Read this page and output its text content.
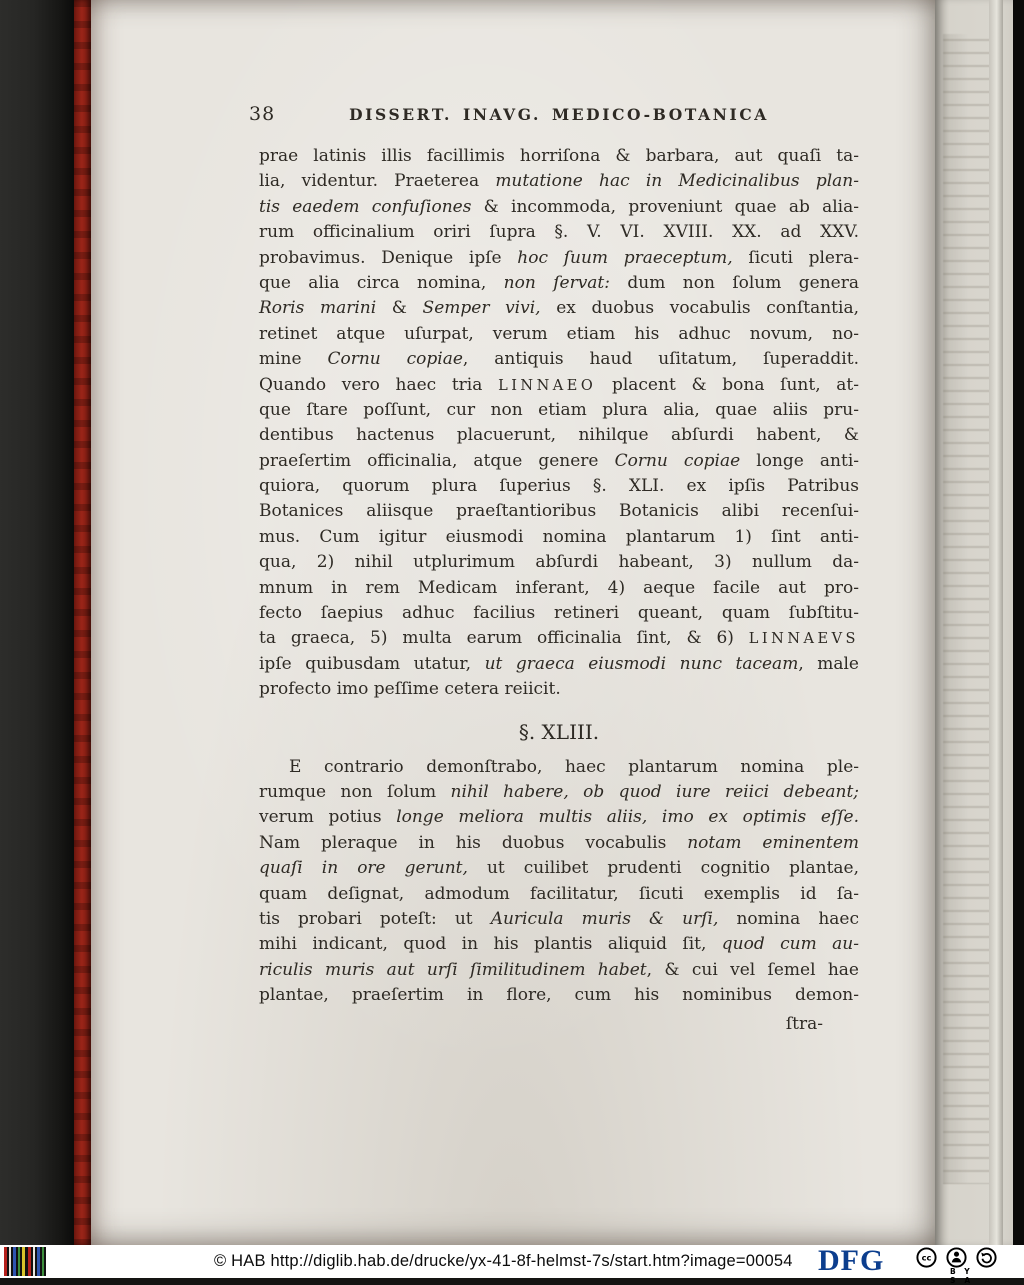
38	DISSERT. INAVG. MEDICO-BOTANICA
prae latinis illis facillimis horriſona & barbara, aut quaſi ta-
lia, videntur. Praeterea mutatione hac in Medicinalibus plan-
tis eaedem confuſiones & incommoda, proveniunt quae ab alia-
rum officinalium oriri ſupra §. V. VI. XVIII. XX. ad XXV.
probavimus. Denique ipſe hoc ſuum praeceptum, ſicuti plera-
que alia circa nomina, non ſervat: dum non ſolum genera
Roris marini & Semper vivi, ex duobus vocabulis conſtantia,
retinet atque uſurpat, verum etiam his adhuc novum, no-
mine Cornu copiae, antiquis haud uſitatum, ſuperaddit.
Quando vero haec tria LINNAEO placent & bona ſunt, at-
que ſtare poſſunt, cur non etiam plura alia, quae aliis pru-
dentibus hactenus placuerunt, nihilque abſurdi habent, &
praeſertim officinalia, atque genere Cornu copiae longe anti-
quiora, quorum plura ſuperius §. XLI. ex ipſis Patribus
Botanices aliisque praeſtantioribus Botanicis alibi recenſui-
mus. Cum igitur eiusmodi nomina plantarum 1) ſint anti-
qua, 2) nihil utplurimum abſurdi habeant, 3) nullum da-
mnum in rem Medicam inferant, 4) aeque facile aut pro-
fecto ſaepius adhuc facilius retineri queant, quam ſubſtitu-
ta graeca, 5) multa earum officinalia ſint, & 6) LINNAEVS
ipſe quibusdam utatur, ut graeca eiusmodi nunc taceam, male
profecto imo peſſime cetera reiicit.
§. XLIII.
E contrario demonſtrabo, haec plantarum nomina ple-
rumque non ſolum nihil habere, ob quod iure reiici debeant;
verum potius longe meliora multis aliis, imo ex optimis eſſe.
Nam pleraque in his duobus vocabulis notam eminentem
quaſi in ore gerunt, ut cuilibet prudenti cognitio plantae,
quam deſignat, admodum facilitatur, ſicuti exemplis id ſa-
tis probari poteſt: ut Auricula muris & urſi, nomina haec
mihi indicant, quod in his plantis aliquid ſit, quod cum au-
riculis muris aut urſi ſimilitudinem habet, & cui vel ſemel hae
plantae, praeſertim in flore, cum his nominibus demon-
ſtra-
© HAB http://diglib.hab.de/drucke/yx-41-8f-helmst-7s/start.htm?image=00054 DFG	cc
BY SA
